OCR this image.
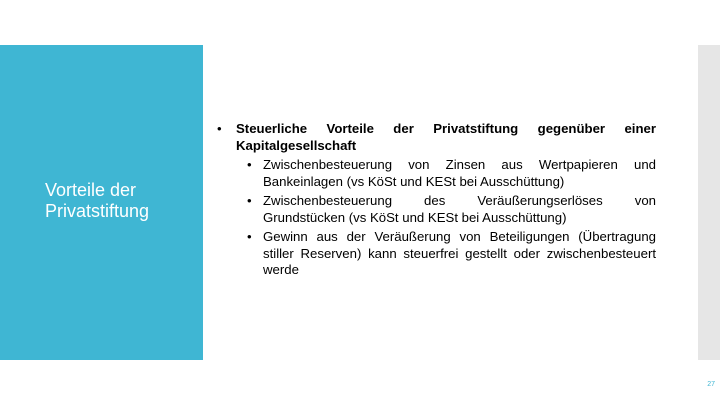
Vorteile der Privatstiftung
• Steuerliche Vorteile der Privatstiftung gegenüber einer Kapitalgesellschaft
• Zwischenbesteuerung von Zinsen aus Wertpapieren und Bankeinlagen (vs KöSt und KESt bei Ausschüttung)
• Zwischenbesteuerung des Veräußerungserlöses von Grundstücken (vs KöSt und KESt bei Ausschüttung)
• Gewinn aus der Veräußerung von Beteiligungen (Übertragung stiller Reserven) kann steuerfrei gestellt oder zwischenbesteuert werde
27
